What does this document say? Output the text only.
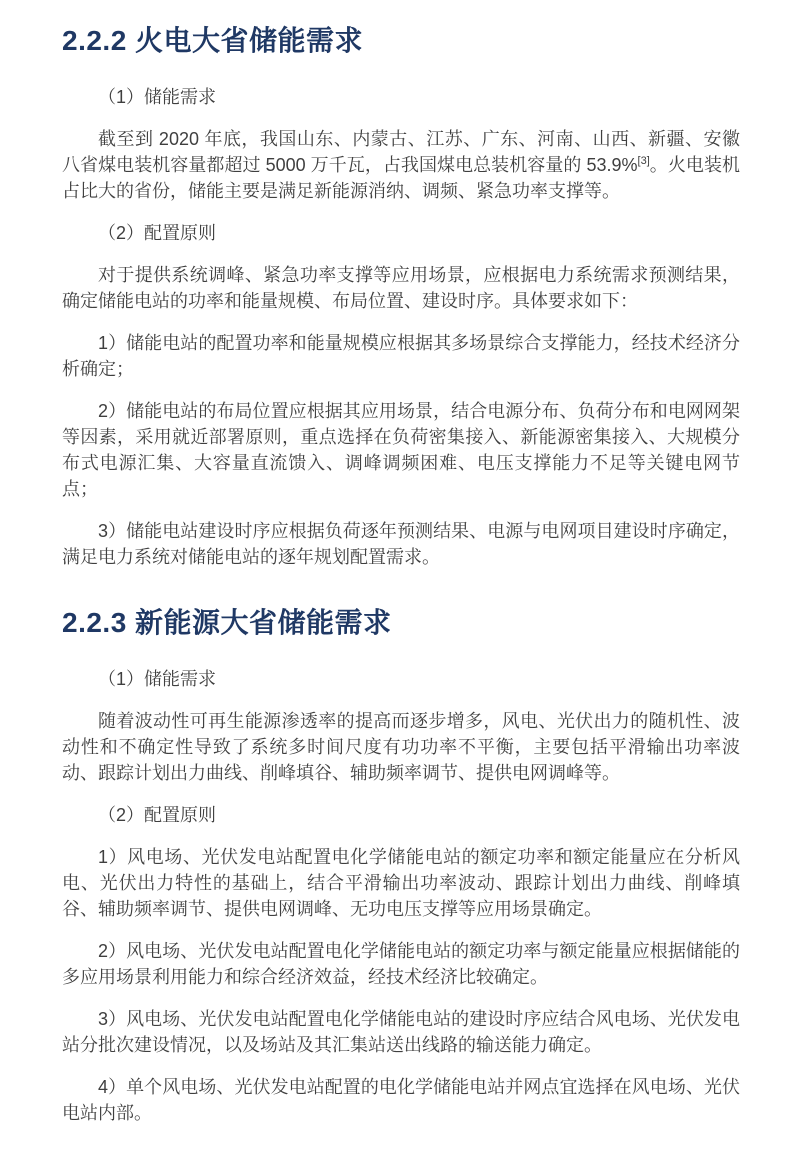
2.2.2 火电大省储能需求
（1）储能需求

截至到 2020 年底，我国山东、内蒙古、江苏、广东、河南、山西、新疆、安徽八省煤电装机容量都超过 5000 万千瓦，占我国煤电总装机容量的 53.9%[3]。火电装机占比大的省份，储能主要是满足新能源消纳、调频、紧急功率支撑等。

（2）配置原则

对于提供系统调峰、紧急功率支撑等应用场景，应根据电力系统需求预测结果，确定储能电站的功率和能量规模、布局位置、建设时序。具体要求如下：

1）储能电站的配置功率和能量规模应根据其多场景综合支撑能力，经技术经济分析确定；

2）储能电站的布局位置应根据其应用场景，结合电源分布、负荷分布和电网网架等因素，采用就近部署原则，重点选择在负荷密集接入、新能源密集接入、大规模分布式电源汇集、大容量直流馈入、调峰调频困难、电压支撑能力不足等关键电网节点；

3）储能电站建设时序应根据负荷逐年预测结果、电源与电网项目建设时序确定，满足电力系统对储能电站的逐年规划配置需求。

2.2.3 新能源大省储能需求
（1）储能需求

随着波动性可再生能源渗透率的提高而逐步增多，风电、光伏出力的随机性、波动性和不确定性导致了系统多时间尺度有功功率不平衡，主要包括平滑输出功率波动、跟踪计划出力曲线、削峰填谷、辅助频率调节、提供电网调峰等。

（2）配置原则

1）风电场、光伏发电站配置电化学储能电站的额定功率和额定能量应在分析风电、光伏出力特性的基础上，结合平滑输出功率波动、跟踪计划出力曲线、削峰填谷、辅助频率调节、提供电网调峰、无功电压支撑等应用场景确定。

2）风电场、光伏发电站配置电化学储能电站的额定功率与额定能量应根据储能的多应用场景利用能力和综合经济效益，经技术经济比较确定。

3）风电场、光伏发电站配置电化学储能电站的建设时序应结合风电场、光伏发电站分批次建设情况，以及场站及其汇集站送出线路的输送能力确定。

4）单个风电场、光伏发电站配置的电化学储能电站并网点宜选择在风电场、光伏电站内部。
